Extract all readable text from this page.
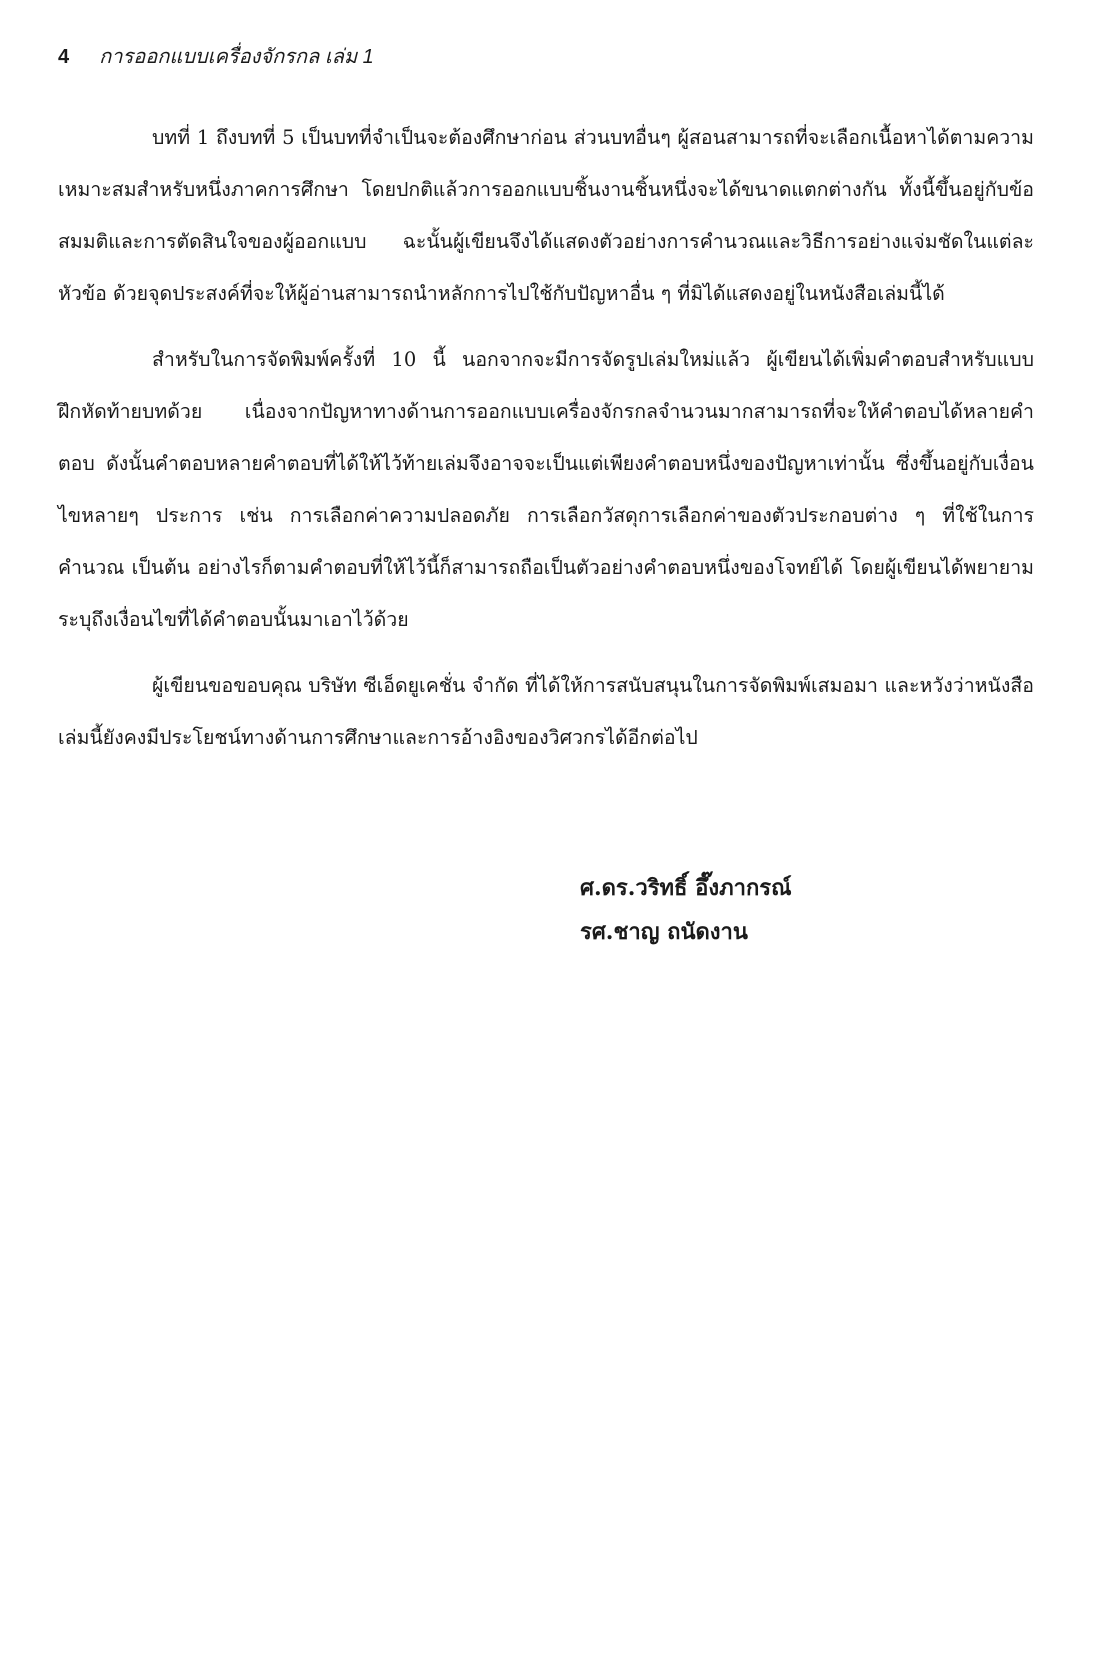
4 การออกแบบเครื่องจักรกล เล่ม 1

บทที่ 1 ถึงบทที่ 5 เป็นบทที่จำเป็นจะต้องศึกษาก่อน ส่วนบทอื่นๆ ผู้สอนสามารถที่จะเลือกเนื้อหาได้ตามความเหมาะสมสำหรับหนึ่งภาคการศึกษา โดยปกติแล้วการออกแบบชิ้นงานชิ้นหนึ่งจะได้ขนาดแตกต่างกัน ทั้งนี้ขึ้นอยู่กับข้อสมมติและการตัดสินใจของผู้ออกแบบ ฉะนั้นผู้เขียนจึงได้แสดงตัวอย่างการคำนวณและวิธีการอย่างแจ่มชัดในแต่ละหัวข้อ ด้วยจุดประสงค์ที่จะให้ผู้อ่านสามารถนำหลักการไปใช้กับปัญหาอื่น ๆ ที่มิได้แสดงอยู่ในหนังสือเล่มนี้ได้

สำหรับในการจัดพิมพ์ครั้งที่ 10 นี้ นอกจากจะมีการจัดรูปเล่มใหม่แล้ว ผู้เขียนได้เพิ่มคำตอบสำหรับแบบฝึกหัดท้ายบทด้วย เนื่องจากปัญหาทางด้านการออกแบบเครื่องจักรกลจำนวนมากสามารถที่จะให้คำตอบได้หลายคำตอบ ดังนั้นคำตอบหลายคำตอบที่ได้ให้ไว้ท้ายเล่มจึงอาจจะเป็นแต่เพียงคำตอบหนึ่งของปัญหาเท่านั้น ซึ่งขึ้นอยู่กับเงื่อนไขหลายๆ ประการ เช่น การเลือกค่าความปลอดภัย การเลือกวัสดุการเลือกค่าของตัวประกอบต่าง ๆ ที่ใช้ในการคำนวณ เป็นต้น อย่างไรก็ตามคำตอบที่ให้ไว้นี้ก็สามารถถือเป็นตัวอย่างคำตอบหนึ่งของโจทย์ได้ โดยผู้เขียนได้พยายามระบุถึงเงื่อนไขที่ได้คำตอบนั้นมาเอาไว้ด้วย

ผู้เขียนขอขอบคุณ บริษัท ซีเอ็ดยูเคชั่น จำกัด ที่ได้ให้การสนับสนุนในการจัดพิมพ์เสมอมา และหวังว่าหนังสือเล่มนี้ยังคงมีประโยชน์ทางด้านการศึกษาและการอ้างอิงของวิศวกรได้อีกต่อไป

ศ.ดร.วริทธิ์ อึ๊งภากรณ์
รศ.ชาญ ถนัดงาน
